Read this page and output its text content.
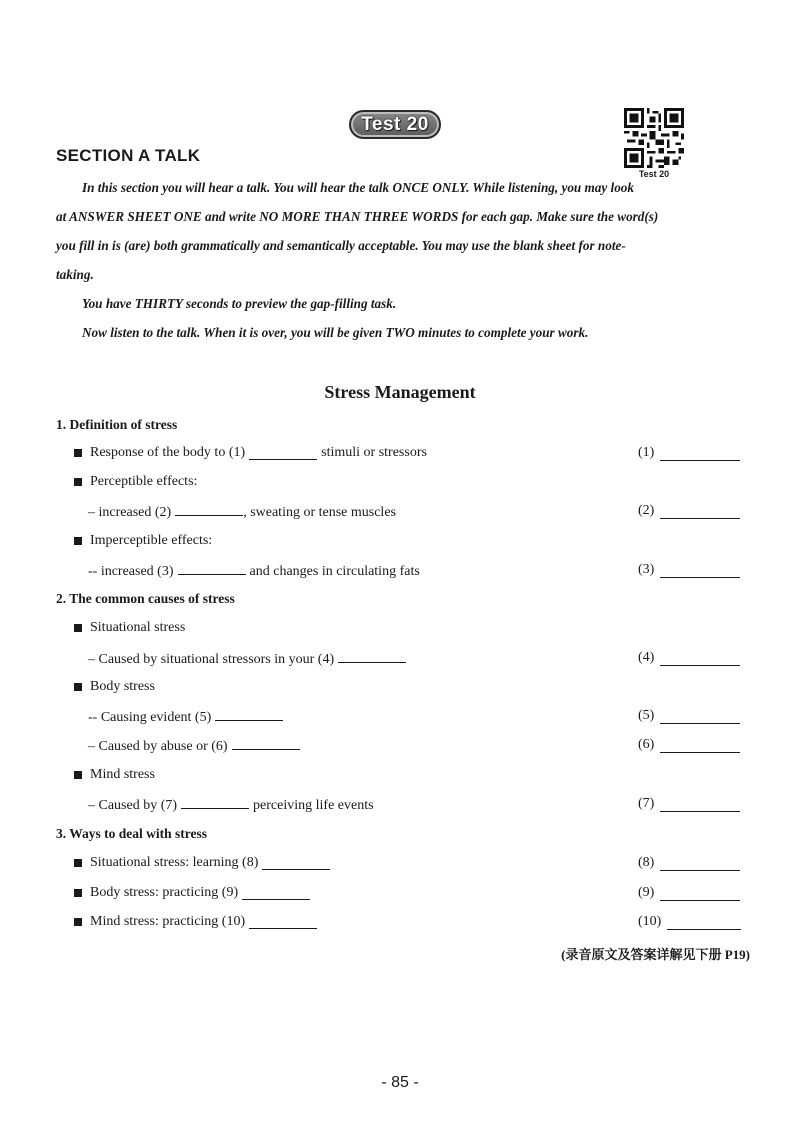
Test 20
Test 20
SECTION A TALK
In this section you will hear a talk. You will hear the talk ONCE ONLY. While listening, you may look
at ANSWER SHEET ONE and write NO MORE THAN THREE WORDS for each gap. Make sure the word(s)
you fill in is (are) both grammatically and semantically acceptable. You may use the blank sheet for note-
taking.
You have THIRTY seconds to preview the gap-filling task.
Now listen to the talk. When it is over, you will be given TWO minutes to complete your work.
Stress Management
1. Definition of stress
Response of the body to (1)	stimuli or stressors	(1)
Perceptible effects:
– increased (2)	, sweating or tense muscles	(2)
Imperceptible effects:
-- increased (3)	and changes in circulating fats	(3)
2. The common causes of stress
Situational stress
– Caused by situational stressors in your (4)	(4)
Body stress
-- Causing evident (5)	(5)
– Caused by abuse or (6)	(6)
Mind stress
– Caused by (7)	perceiving life events	(7)
3. Ways to deal with stress
Situational stress: learning (8)	(8)
Body stress: practicing (9)	(9)
Mind stress: practicing (10)	(10)
(录音原文及答案详解见下册 P19)
- 85 -
